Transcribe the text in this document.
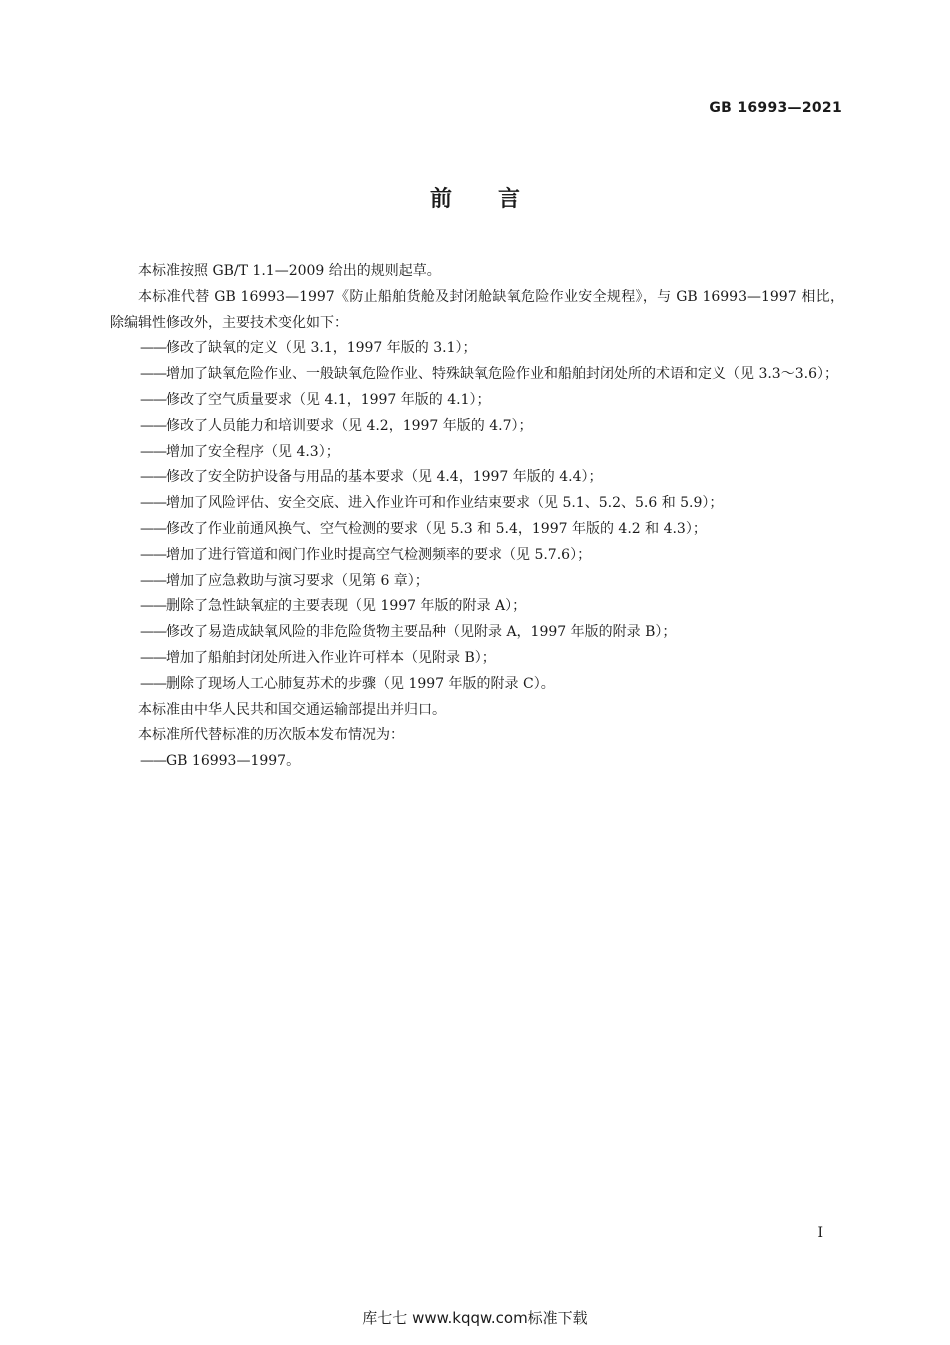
GB 16993—2021
前言

本标准按照 GB/T 1.1—2009 给出的规则起草。

本标准代替 GB 16993—1997《防止船舶货舱及封闭舱缺氧危险作业安全规程》，与 GB 16993—1997 相比，除编辑性修改外，主要技术变化如下：

——修改了缺氧的定义（见 3.1，1997 年版的 3.1）；

——增加了缺氧危险作业、一般缺氧危险作业、特殊缺氧危险作业和船舶封闭处所的术语和定义（见 3.3～3.6）；

——修改了空气质量要求（见 4.1，1997 年版的 4.1）；

——修改了人员能力和培训要求（见 4.2，1997 年版的 4.7）；

——增加了安全程序（见 4.3）；

——修改了安全防护设备与用品的基本要求（见 4.4，1997 年版的 4.4）；

——增加了风险评估、安全交底、进入作业许可和作业结束要求（见 5.1、5.2、5.6 和 5.9）；

——修改了作业前通风换气、空气检测的要求（见 5.3 和 5.4，1997 年版的 4.2 和 4.3）；

——增加了进行管道和阀门作业时提高空气检测频率的要求（见 5.7.6）；

——增加了应急救助与演习要求（见第 6 章）；

——删除了急性缺氧症的主要表现（见 1997 年版的附录 A）；

——修改了易造成缺氧风险的非危险货物主要品种（见附录 A，1997 年版的附录 B）；

——增加了船舶封闭处所进入作业许可样本（见附录 B）；

——删除了现场人工心肺复苏术的步骤（见 1997 年版的附录 C）。

本标准由中华人民共和国交通运输部提出并归口。

本标准所代替标准的历次版本发布情况为：

——GB 16993—1997。

I
库七七 www.kqqw.com标准下载
